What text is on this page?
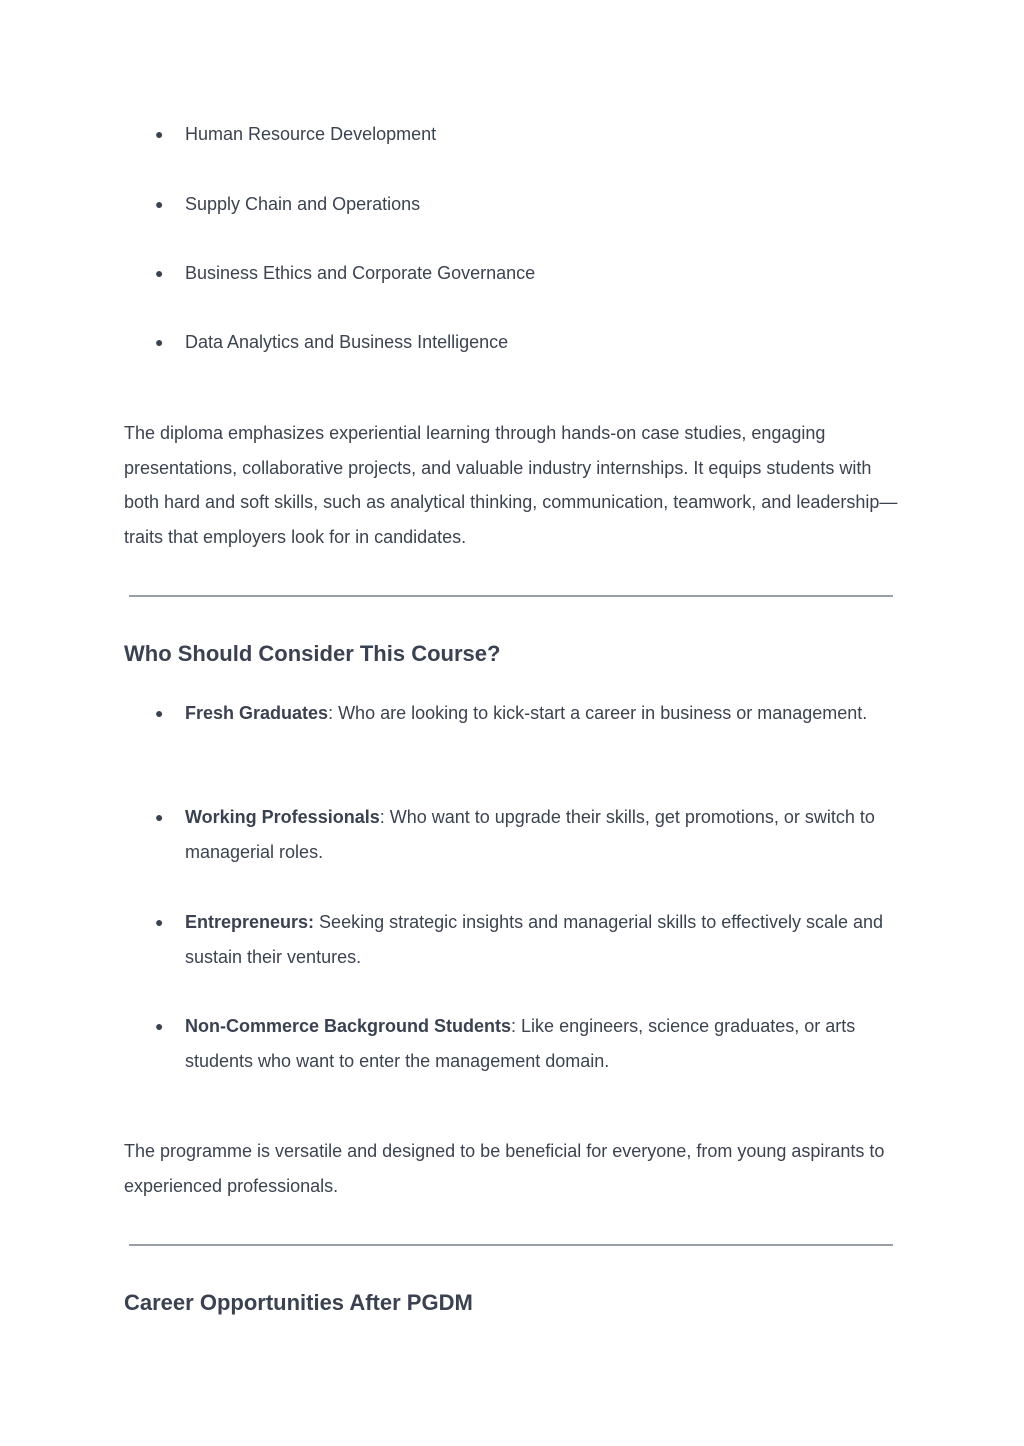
● Human Resource Development
● Supply Chain and Operations
● Business Ethics and Corporate Governance
● Data Analytics and Business Intelligence

The diploma emphasizes experiential learning through hands-on case studies, engaging presentations, collaborative projects, and valuable industry internships. It equips students with both hard and soft skills, such as analytical thinking, communication, teamwork, and leadership—traits that employers look for in candidates.

Who Should Consider This Course?
● Fresh Graduates: Who are looking to kick-start a career in business or management.
● Working Professionals: Who want to upgrade their skills, get promotions, or switch to managerial roles.
● Entrepreneurs: Seeking strategic insights and managerial skills to effectively scale and sustain their ventures.
● Non-Commerce Background Students: Like engineers, science graduates, or arts students who want to enter the management domain.

The programme is versatile and designed to be beneficial for everyone, from young aspirants to experienced professionals.

Career Opportunities After PGDM
